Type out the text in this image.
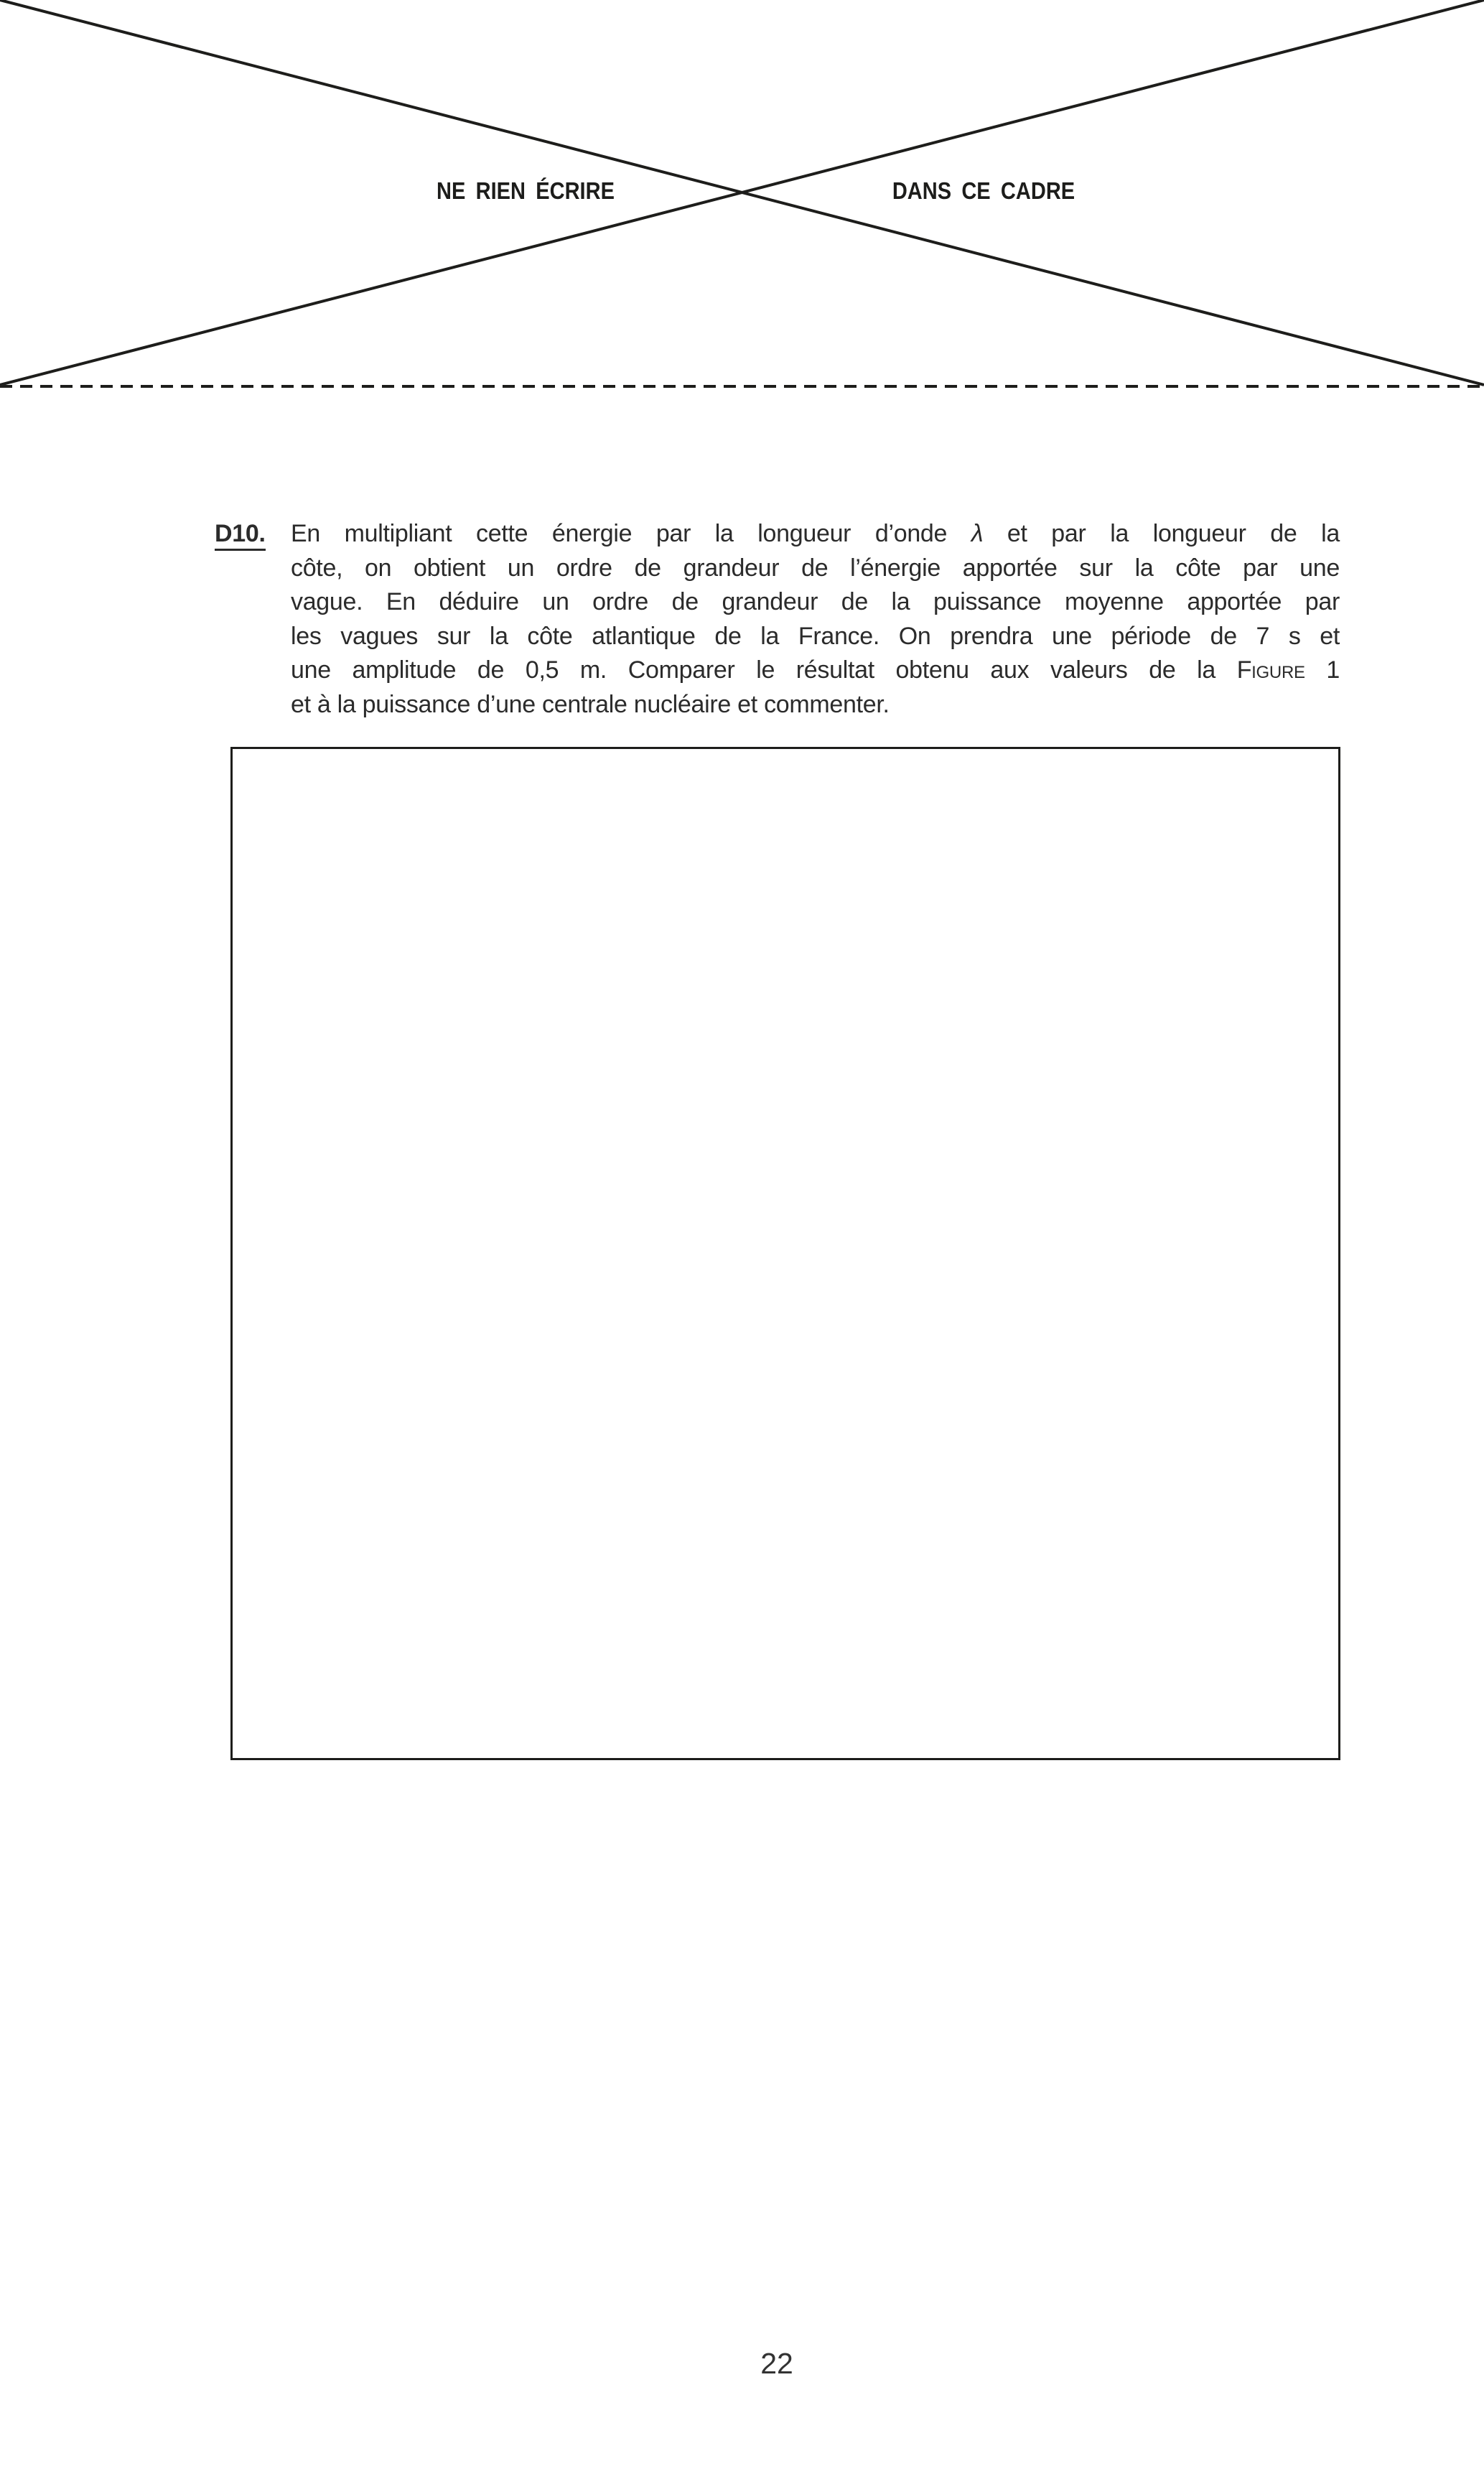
NE RIEN ÉCRIRE	DANS CE CADRE
D10. En multipliant cette énergie par la longueur d’onde λ et par la longueur de la
côte, on obtient un ordre de grandeur de l’énergie apportée sur la côte par une
vague. En déduire un ordre de grandeur de la puissance moyenne apportée par
les vagues sur la côte atlantique de la France. On prendra une période de 7 s et
une amplitude de 0,5 m. Comparer le résultat obtenu aux valeurs de la Figure 1
et à la puissance d’une centrale nucléaire et commenter.
22
